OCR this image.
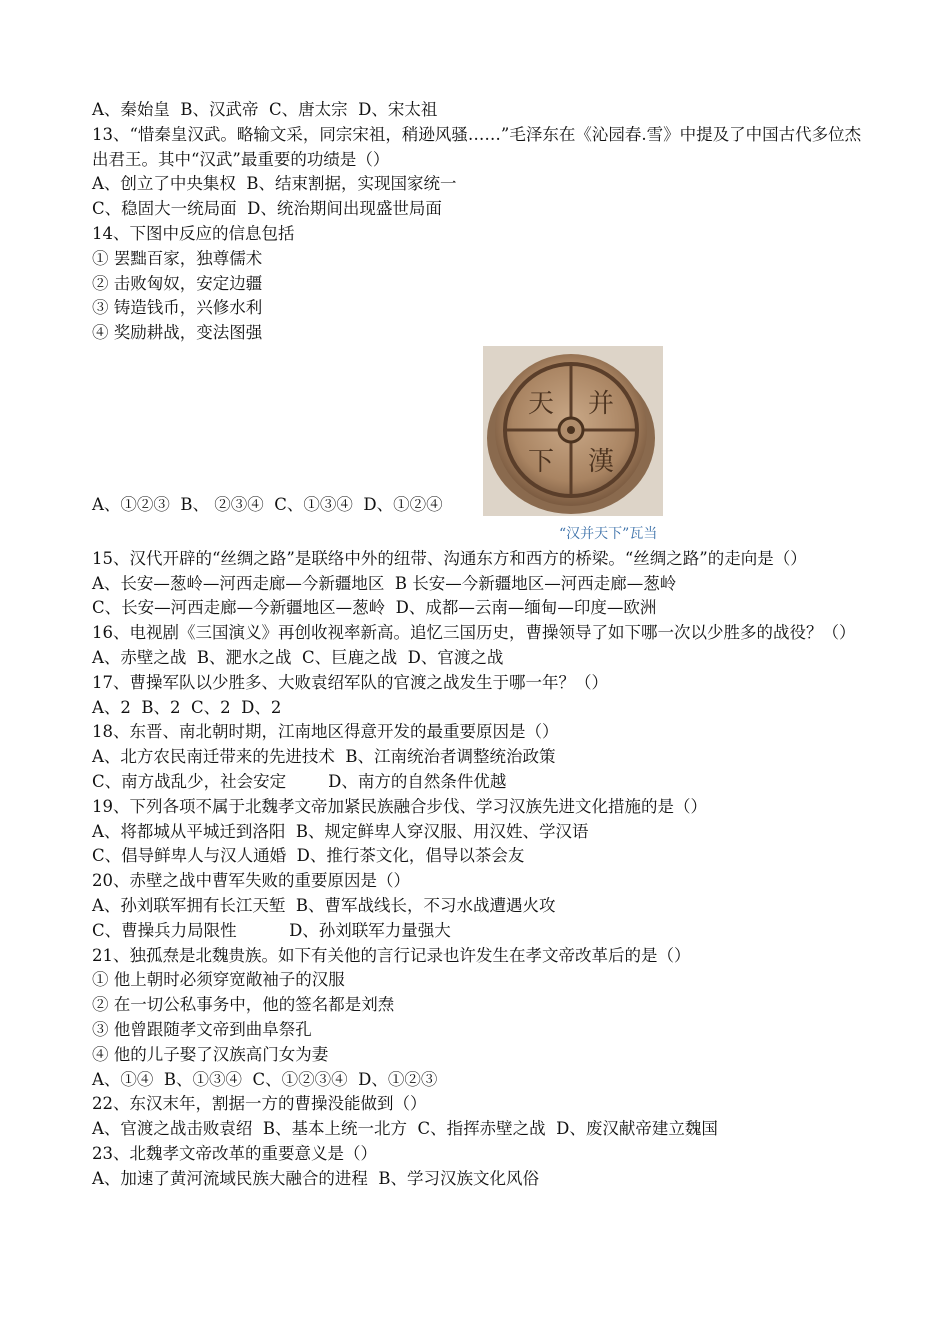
A、秦始皇  B、汉武帝  C、唐太宗  D、宋太祖
13、“惜秦皇汉武。略输文采，同宗宋祖，稍逊风骚……”毛泽东在《沁园春.雪》中提及了中国古代多位杰出君王。其中“汉武”最重要的功绩是（）
A、创立了中央集权  B、结束割据，实现国家统一
C、稳固大一统局面  D、统治期间出现盛世局面
14、下图中反应的信息包括
① 罢黜百家，独尊儒术
② 击败匈奴，安定边疆
③ 铸造钱币，兴修水利
④ 奖励耕战，变法图强
A、①②③  B、 ②③④  C、①③④  D、①②④
天 并
漢
下
“汉并天下”瓦当
15、汉代开辟的“丝绸之路”是联络中外的纽带、沟通东方和西方的桥梁。“丝绸之路”的走向是（）
A、长安—葱岭—河西走廊—今新疆地区  B 长安—今新疆地区—河西走廊—葱岭
C、长安—河西走廊—今新疆地区—葱岭  D、成都—云南—缅甸—印度—欧洲
16、电视剧《三国演义》再创收视率新高。追忆三国历史，曹操领导了如下哪一次以少胜多的战役？（）
A、赤壁之战  B、淝水之战  C、巨鹿之战  D、官渡之战
17、曹操军队以少胜多、大败袁绍军队的官渡之战发生于哪一年？（）
A、2  B、2  C、2  D、2
18、东晋、南北朝时期，江南地区得意开发的最重要原因是（）
A、北方农民南迁带来的先进技术  B、江南统治者调整统治政策
C、南方战乱少，社会安定        D、南方的自然条件优越
19、下列各项不属于北魏孝文帝加紧民族融合步伐、学习汉族先进文化措施的是（）
A、将都城从平城迁到洛阳  B、规定鲜卑人穿汉服、用汉姓、学汉语
C、倡导鲜卑人与汉人通婚  D、推行茶文化，倡导以茶会友
20、赤壁之战中曹军失败的重要原因是（）
A、孙刘联军拥有长江天堑  B、曹军战线长，不习水战遭遇火攻
C、曹操兵力局限性          D、孙刘联军力量强大
21、独孤焘是北魏贵族。如下有关他的言行记录也许发生在孝文帝改革后的是（）
① 他上朝时必须穿宽敞袖子的汉服
② 在一切公私事务中，他的签名都是刘焘
③ 他曾跟随孝文帝到曲阜祭孔
④ 他的儿子娶了汉族高门女为妻
A、①④  B、①③④  C、①②③④  D、①②③
22、东汉末年，割据一方的曹操没能做到（）
A、官渡之战击败袁绍  B、基本上统一北方  C、指挥赤壁之战  D、废汉献帝建立魏国
23、北魏孝文帝改革的重要意义是（）
A、加速了黄河流域民族大融合的进程  B、学习汉族文化风俗
